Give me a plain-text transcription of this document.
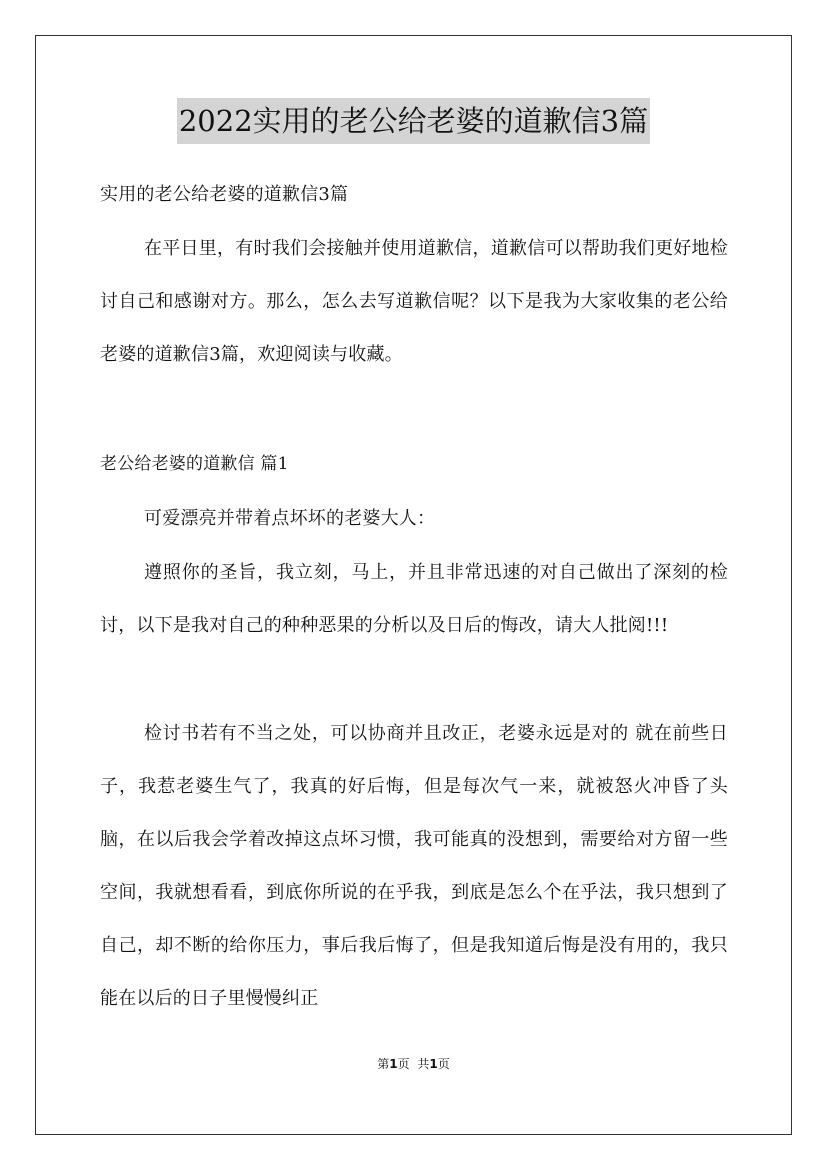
2022实用的老公给老婆的道歉信3篇

实用的老公给老婆的道歉信3篇

在平日里，有时我们会接触并使用道歉信，道歉信可以帮助我们更好地检讨自己和感谢对方。那么，怎么去写道歉信呢？以下是我为大家收集的老公给老婆的道歉信3篇，欢迎阅读与收藏。

老公给老婆的道歉信 篇1

可爱漂亮并带着点坏坏的老婆大人：

遵照你的圣旨，我立刻，马上，并且非常迅速的对自己做出了深刻的检讨，以下是我对自己的种种恶果的分析以及日后的悔改，请大人批阅!!!

检讨书若有不当之处，可以协商并且改正，老婆永远是对的 就在前些日子，我惹老婆生气了，我真的好后悔，但是每次气一来，就被怒火冲昏了头脑，在以后我会学着改掉这点坏习惯，我可能真的没想到，需要给对方留一些空间，我就想看看，到底你所说的在乎我，到底是怎么个在乎法，我只想到了自己，却不断的给你压力，事后我后悔了，但是我知道后悔是没有用的，我只能在以后的日子里慢慢纠正

第1页 共1页
